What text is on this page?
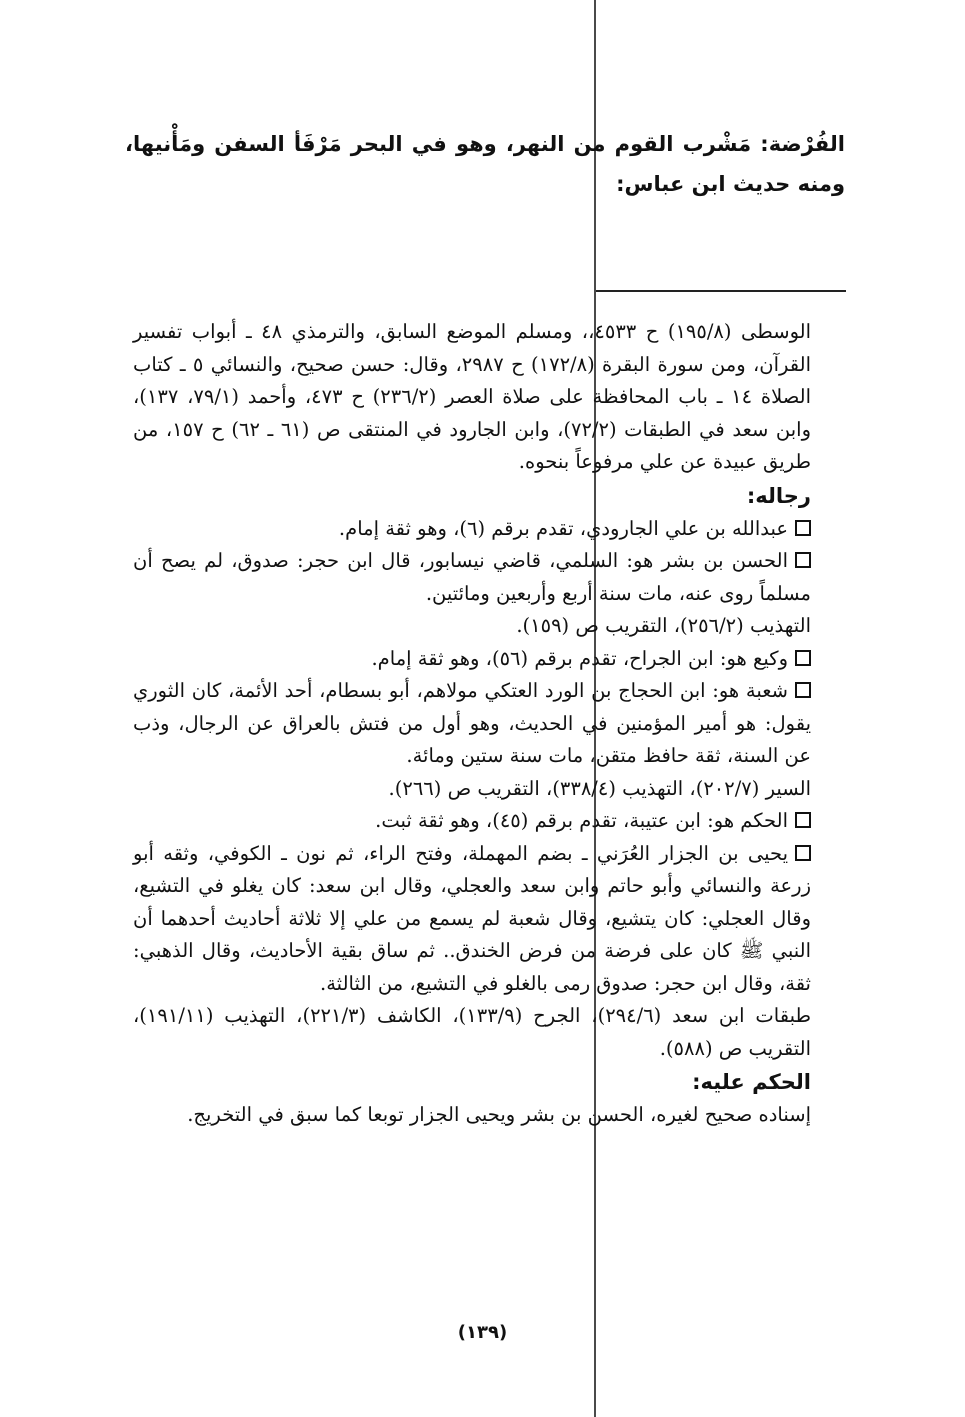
الفُرْضة: مَشْرب القوم من النهر، وهو في البحر مَرْفَأ السفن ومَأْنيها، ومنه حديث ابن عباس:

الوسطى (١٩٥/٨) ح ٤٥٣٣،، ومسلم الموضع السابق، والترمذي ٤٨ ـ أبواب تفسير القرآن، ومن سورة البقرة (١٧٢/٨) ح ٢٩٨٧، وقال: حسن صحيح، والنسائي ٥ ـ كتاب الصلاة ١٤ ـ باب المحافظة على صلاة العصر (٢٣٦/٢) ح ٤٧٣، وأحمد (٧٩/١، ١٣٧)، وابن سعد في الطبقات (٧٢/٢)، وابن الجارود في المنتقى ص (٦١ ـ ٦٢) ح ١٥٧، من طريق عبيدة عن علي مرفوعاً بنحوه.

رجاله:

عبدالله بن علي الجارودي، تقدم برقم (٦)، وهو ثقة إمام.

الحسن بن بشر هو: السلمي، قاضي نيسابور، قال ابن حجر: صدوق، لم يصح أن مسلماً روى عنه، مات سنة أربع وأربعين ومائتين.

التهذيب (٢٥٦/٢)، التقريب ص (١٥٩).

وكيع هو: ابن الجراح، تقدم برقم (٥٦)، وهو ثقة إمام.

شعبة هو: ابن الحجاج بن الورد العتكي مولاهم، أبو بسطام، أحد الأئمة، كان الثوري يقول: هو أمير المؤمنين في الحديث، وهو أول من فتش بالعراق عن الرجال، وذب عن السنة، ثقة حافظ متقن، مات سنة ستين ومائة.

السير (٢٠٢/٧)، التهذيب (٣٣٨/٤)، التقريب ص (٢٦٦).

الحكم هو: ابن عتيبة، تقدم برقم (٤٥)، وهو ثقة ثبت.

يحيى بن الجزار العُرَني ـ بضم المهملة، وفتح الراء، ثم نون ـ الكوفي، وثقه أبو زرعة والنسائي وأبو حاتم وابن سعد والعجلي، وقال ابن سعد: كان يغلو في التشيع، وقال العجلي: كان يتشيع، وقال شعبة لم يسمع من علي إلا ثلاثة أحاديث أحدهما أن النبي ﷺ كان على فرضة من فرض الخندق.. ثم ساق بقية الأحاديث، وقال الذهبي: ثقة، وقال ابن حجر: صدوق رمى بالغلو في التشيع، من الثالثة.

طبقات ابن سعد (٢٩٤/٦)، الجرح (١٣٣/٩)، الكاشف (٢٢١/٣)، التهذيب (١٩١/١١)، التقريب ص (٥٨٨).

الحكم عليه:

إسناده صحيح لغيره، الحسن بن بشر ويحيى الجزار توبعا كما سبق في التخريج.

(١٣٩)
